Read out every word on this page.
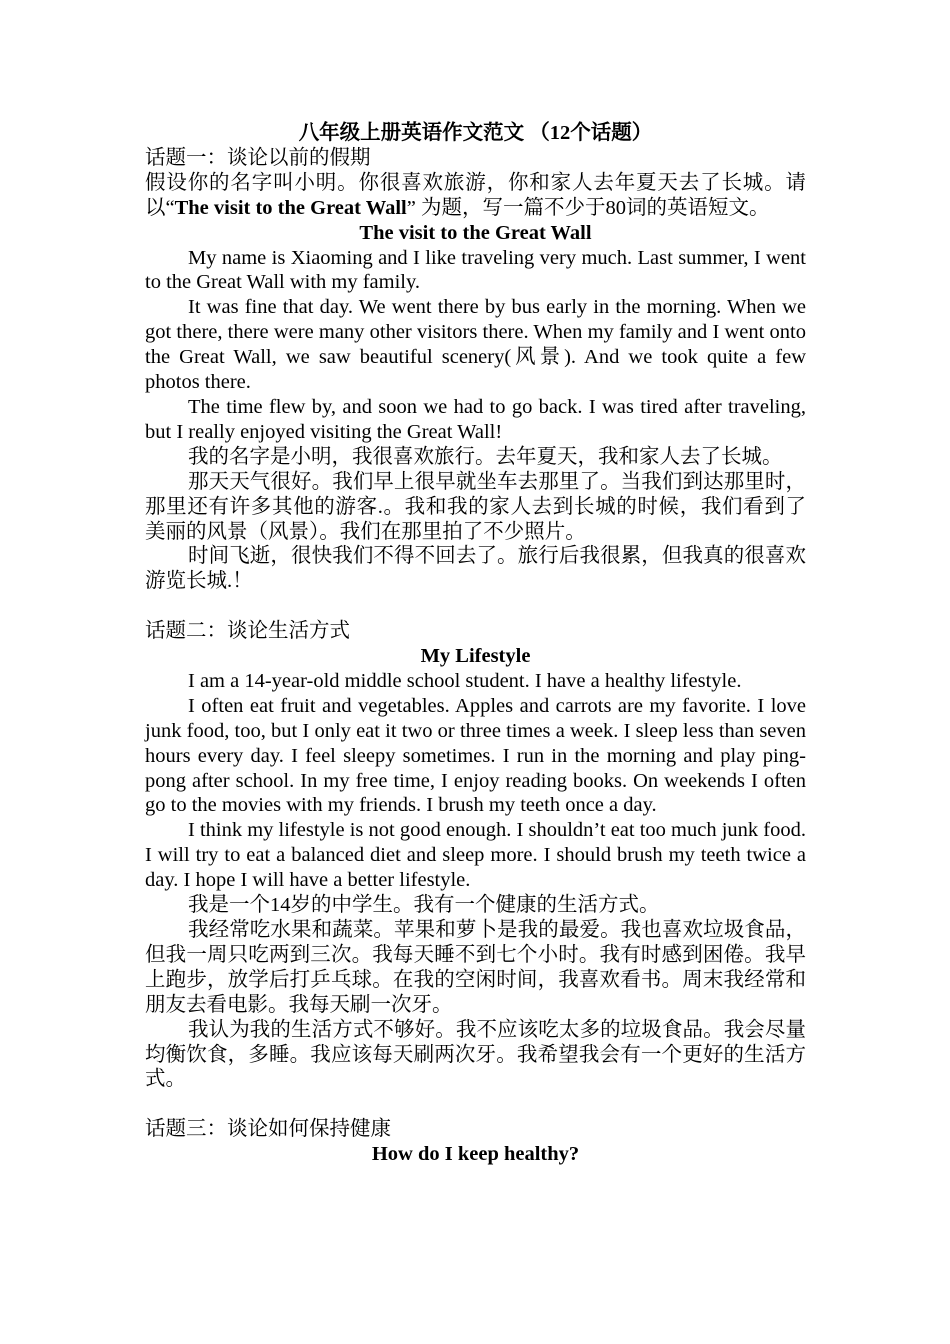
八年级上册英语作文范文 （12个话题）

话题一：谈论以前的假期

假设你的名字叫小明。你很喜欢旅游，你和家人去年夏天去了长城。请以“The visit to the Great Wall” 为题，写一篇不少于80词的英语短文。

The visit to the Great Wall

My name is Xiaoming and I like traveling very much. Last summer, I went to the Great Wall with my family.

It was fine that day. We went there by bus early in the morning. When we got there, there were many other visitors there. When my family and I went onto the Great Wall, we saw beautiful scenery(风景). And we took quite a few photos there.

The time flew by, and soon we had to go back. I was tired after traveling, but I really enjoyed visiting the Great Wall!

我的名字是小明，我很喜欢旅行。去年夏天，我和家人去了长城。

那天天气很好。我们早上很早就坐车去那里了。当我们到达那里时，那里还有许多其他的游客.。我和我的家人去到长城的时候，我们看到了美丽的风景（风景）。我们在那里拍了不少照片。

时间飞逝，很快我们不得不回去了。旅行后我很累，但我真的很喜欢游览长城.！

话题二：谈论生活方式

My Lifestyle

I am a 14-year-old middle school student. I have a healthy lifestyle.

I often eat fruit and vegetables. Apples and carrots are my favorite. I love junk food, too, but I only eat it two or three times a week. I sleep less than seven hours every day. I feel sleepy sometimes. I run in the morning and play ping-pong after school. In my free time, I enjoy reading books. On weekends I often go to the movies with my friends. I brush my teeth once a day.

I think my lifestyle is not good enough. I shouldn’t eat too much junk food. I will try to eat a balanced diet and sleep more. I should brush my teeth twice a day. I hope I will have a better lifestyle.

我是一个14岁的中学生。我有一个健康的生活方式。

我经常吃水果和蔬菜。苹果和萝卜是我的最爱。我也喜欢垃圾食品，但我一周只吃两到三次。我每天睡不到七个小时。我有时感到困倦。我早上跑步，放学后打乒乓球。在我的空闲时间，我喜欢看书。周末我经常和朋友去看电影。我每天刷一次牙。

我认为我的生活方式不够好。我不应该吃太多的垃圾食品。我会尽量均衡饮食，多睡。我应该每天刷两次牙。我希望我会有一个更好的生活方式。

话题三：谈论如何保持健康

How do I keep healthy?
